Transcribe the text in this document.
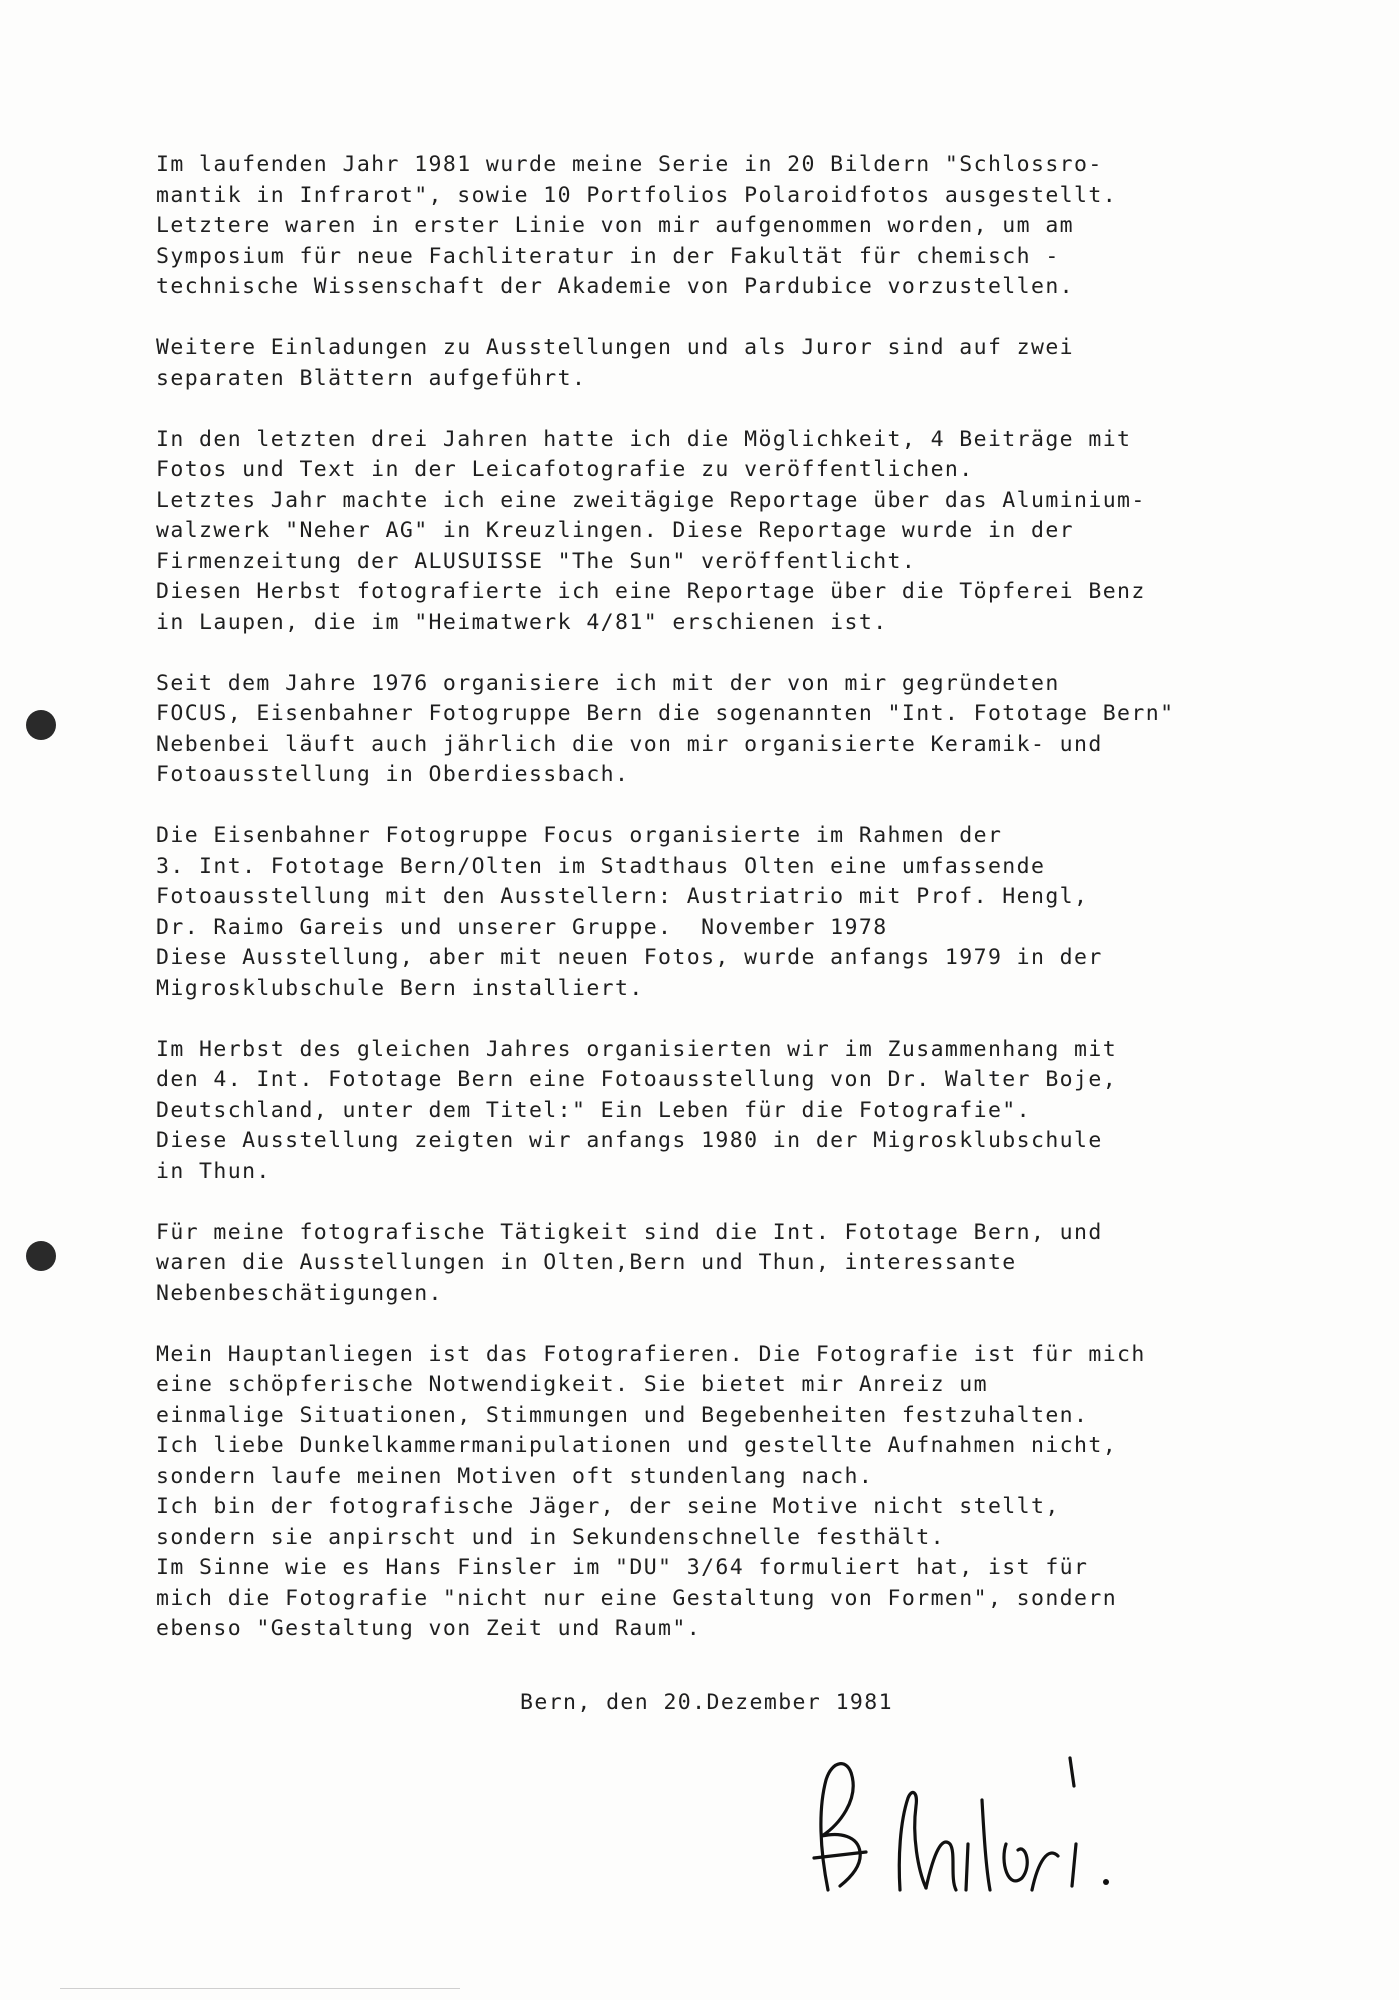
Im laufenden Jahr 1981 wurde meine Serie in 20 Bildern "Schlossro-
mantik in Infrarot", sowie 10 Portfolios Polaroidfotos ausgestellt.
Letztere waren in erster Linie von mir aufgenommen worden, um am
Symposium für neue Fachliteratur in der Fakultät für chemisch -
technische Wissenschaft der Akademie von Pardubice vorzustellen.
Weitere Einladungen zu Ausstellungen und als Juror sind auf zwei
separaten Blättern aufgeführt.
In den letzten drei Jahren hatte ich die Möglichkeit, 4 Beiträge mit
Fotos und Text in der Leicafotografie zu veröffentlichen.
Letztes Jahr machte ich eine zweitägige Reportage über das Aluminium-
walzwerk "Neher AG" in Kreuzlingen. Diese Reportage wurde in der
Firmenzeitung der ALUSUISSE "The Sun" veröffentlicht.
Diesen Herbst fotografierte ich eine Reportage über die Töpferei Benz
in Laupen, die im "Heimatwerk 4/81" erschienen ist.
Seit dem Jahre 1976 organisiere ich mit der von mir gegründeten
FOCUS, Eisenbahner Fotogruppe Bern die sogenannten "Int. Fototage Bern"
Nebenbei läuft auch jährlich die von mir organisierte Keramik- und
Fotoausstellung in Oberdiessbach.
Die Eisenbahner Fotogruppe Focus organisierte im Rahmen der
3. Int. Fototage Bern/Olten im Stadthaus Olten eine umfassende
Fotoausstellung mit den Ausstellern: Austriatrio mit Prof. Hengl,
Dr. Raimo Gareis und unserer Gruppe.  November 1978
Diese Ausstellung, aber mit neuen Fotos, wurde anfangs 1979 in der
Migrosklubschule Bern installiert.
Im Herbst des gleichen Jahres organisierten wir im Zusammenhang mit
den 4. Int. Fototage Bern eine Fotoausstellung von Dr. Walter Boje,
Deutschland, unter dem Titel:" Ein Leben für die Fotografie".
Diese Ausstellung zeigten wir anfangs 1980 in der Migrosklubschule
in Thun.
Für meine fotografische Tätigkeit sind die Int. Fototage Bern, und
waren die Ausstellungen in Olten,Bern und Thun, interessante
Nebenbeschätigungen.
Mein Hauptanliegen ist das Fotografieren. Die Fotografie ist für mich
eine schöpferische Notwendigkeit. Sie bietet mir Anreiz um
einmalige Situationen, Stimmungen und Begebenheiten festzuhalten.
Ich liebe Dunkelkammermanipulationen und gestellte Aufnahmen nicht,
sondern laufe meinen Motiven oft stundenlang nach.
Ich bin der fotografische Jäger, der seine Motive nicht stellt,
sondern sie anpirscht und in Sekundenschnelle festhält.
Im Sinne wie es Hans Finsler im "DU" 3/64 formuliert hat, ist für
mich die Fotografie "nicht nur eine Gestaltung von Formen", sondern
ebenso "Gestaltung von Zeit und Raum".
Bern, den 20.Dezember 1981
